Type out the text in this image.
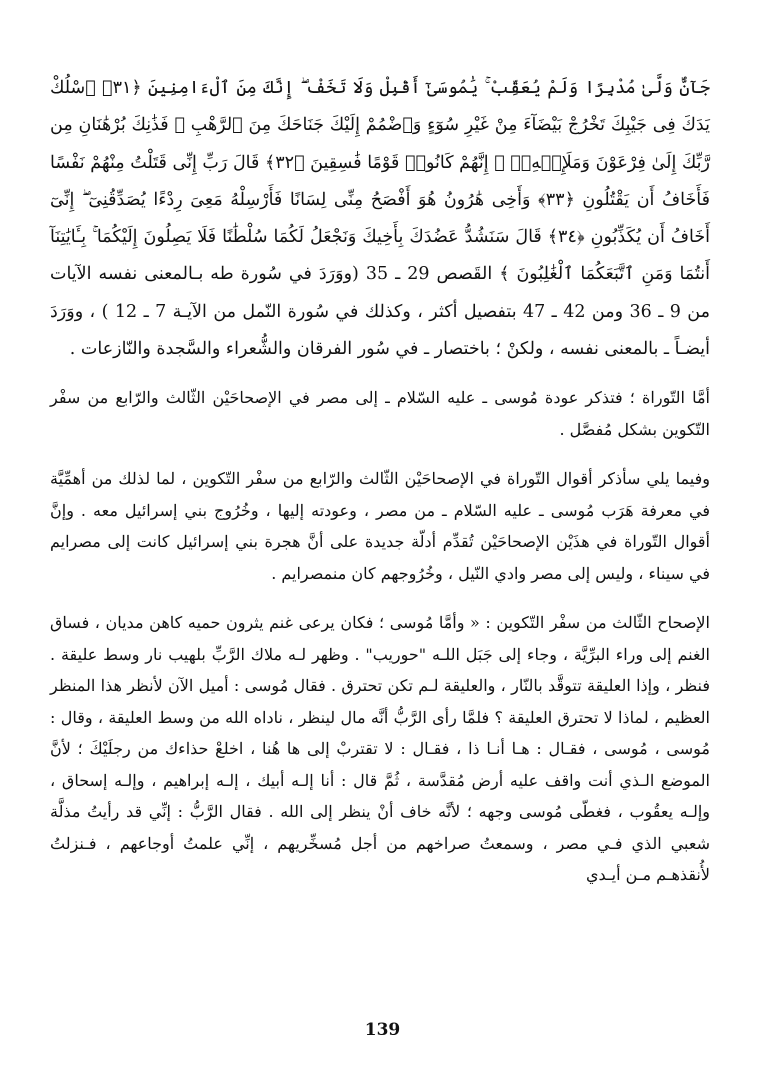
جَآنٌّ وَلَّىٰ مُدْبِرًا وَلَمْ يُعَقِّبْ ۚ يَٰمُوسَىٰٓ أَقْبِلْ وَلَا تَخَفْ ۖ إِنَّكَ مِنَ ٱلْءَامِنِينَ ﴿٣١﴾ ٱسْلُكْ يَدَكَ فِى جَيْبِكَ تَخْرُجْ بَيْضَآءَ مِنْ غَيْرِ سُوٓءٍ وَٱضْمُمْ إِلَيْكَ جَنَاحَكَ مِنَ ٱلرَّهْبِ ۖ فَذَٰنِكَ بُرْهَٰنَانِ مِن رَّبِّكَ إِلَىٰ فِرْعَوْنَ وَمَلَإِي۟هِۦٓ ۚ إِنَّهُمْ كَانُوا۟ قَوْمًا فَٰسِقِينَ ﴿٣٢﴾ قَالَ رَبِّ إِنِّى قَتَلْتُ مِنْهُمْ نَفْسًا فَأَخَافُ أَن يَقْتُلُونِ ﴿٣٣﴾ وَأَخِى هَٰرُونُ هُوَ أَفْصَحُ مِنِّى لِسَانًا فَأَرْسِلْهُ مَعِىَ رِدْءًا يُصَدِّقُنِىٓ ۖ إِنِّىٓ أَخَافُ أَن يُكَذِّبُونِ ﴿٣٤﴾ قَالَ سَنَشُدُّ عَضُدَكَ بِأَخِيكَ وَنَجْعَلُ لَكُمَا سُلْطَٰنًا فَلَا يَصِلُونَ إِلَيْكُمَا ۚ بِـَٔايَٰتِنَآ أَنتُمَا وَمَنِ ٱتَّبَعَكُمَا ٱلْغَٰلِبُونَ ﴾ القَصص 29 ـ 35 (ووَرَدَ في سُورة طه بـالمعنى نفسه الآيات من 9 ـ 36 ومن 42 ـ 47 بتفصيل أكثر ، وكذلك في سُورة النّمل من الآيـة 7 ـ 12 ) ، ووَرَدَ أيضـاً ـ بالمعنى نفسه ، ولكنْ ؛ باختصار ـ في سُور الفرقان والشُّعراء والسَّجدة والنّازعات .

أمَّا التّوراة ؛ فتذكر عودة مُوسى ـ عليه السّلام ـ إلى مصر في الإصحاحَيْن الثّالث والرّابع من سفْر التّكوين بشكل مُفصَّل .

وفيما يلي سأذكر أقوال التّوراة في الإصحاحَيْن الثّالث والرّابع من سفْر التّكوين ، لما لذلك من أهمِّيَّة في معرفة هَرَب مُوسى ـ عليه السّلام ـ من مصر ، وعودته إليها ، وخُرُوج بني إسرائيل معه . وإنَّ أقوال التّوراة في هذَيْن الإصحاحَيْن تُقدِّم أدلّة جديدة على أنَّ هجرة بني إسرائيل كانت إلى مصرايم في سيناء ، وليس إلى مصر وادي النّيل ، وخُرُوجهم كان منمصرايم .

الإصحاح الثّالث من سفْر التّكوين : « وأمَّا مُوسى ؛ فكان يرعى غنم يثرون حميه كاهن مديان ، فساق الغنم إلى وراء البرِّيَّة ، وجاء إلى جَبَل اللـه "حوريب" . وظهر لـه ملاك الرَّبِّ بلهيب نار وسط عليقة . فنظر ، وإذا العليقة تتوقَّد بالنّار ، والعليقة لـم تكن تحترق . فقال مُوسى : أميل الآن لأنظر هذا المنظر العظيم ، لماذا لا تحترق العليقة ؟ فلمَّا رأى الرَّبُّ أنَّه مال لينظر ، ناداه الله من وسط العليقة ، وقال : مُوسى ، مُوسى ، فقـال : هـا أنـا ذا ، فقـال : لا تقتربْ إلى ها هُنا ، اخلعْ حذاءك من رجلَيْكَ ؛ لأنَّ الموضع الـذي أنت واقف عليه أرض مُقدَّسة ، ثُمَّ قال : أنا إلـه أبيك ، إلـه إبراهيم ، وإلـه إسحاق ، وإلـه يعقُوب ، فغطّى مُوسى وجهه ؛ لأنَّه خاف أنْ ينظر إلى الله . فقال الرَّبُّ : إنِّي قد رأيتُ مذلَّة شعبي الذي فـي مصر ، وسمعتُ صراخهم من أجل مُسخِّريهم ، إنِّي علمتُ أوجاعهم ، فـنزلتُ لأُنقذهـم مـن أيـدي

139
